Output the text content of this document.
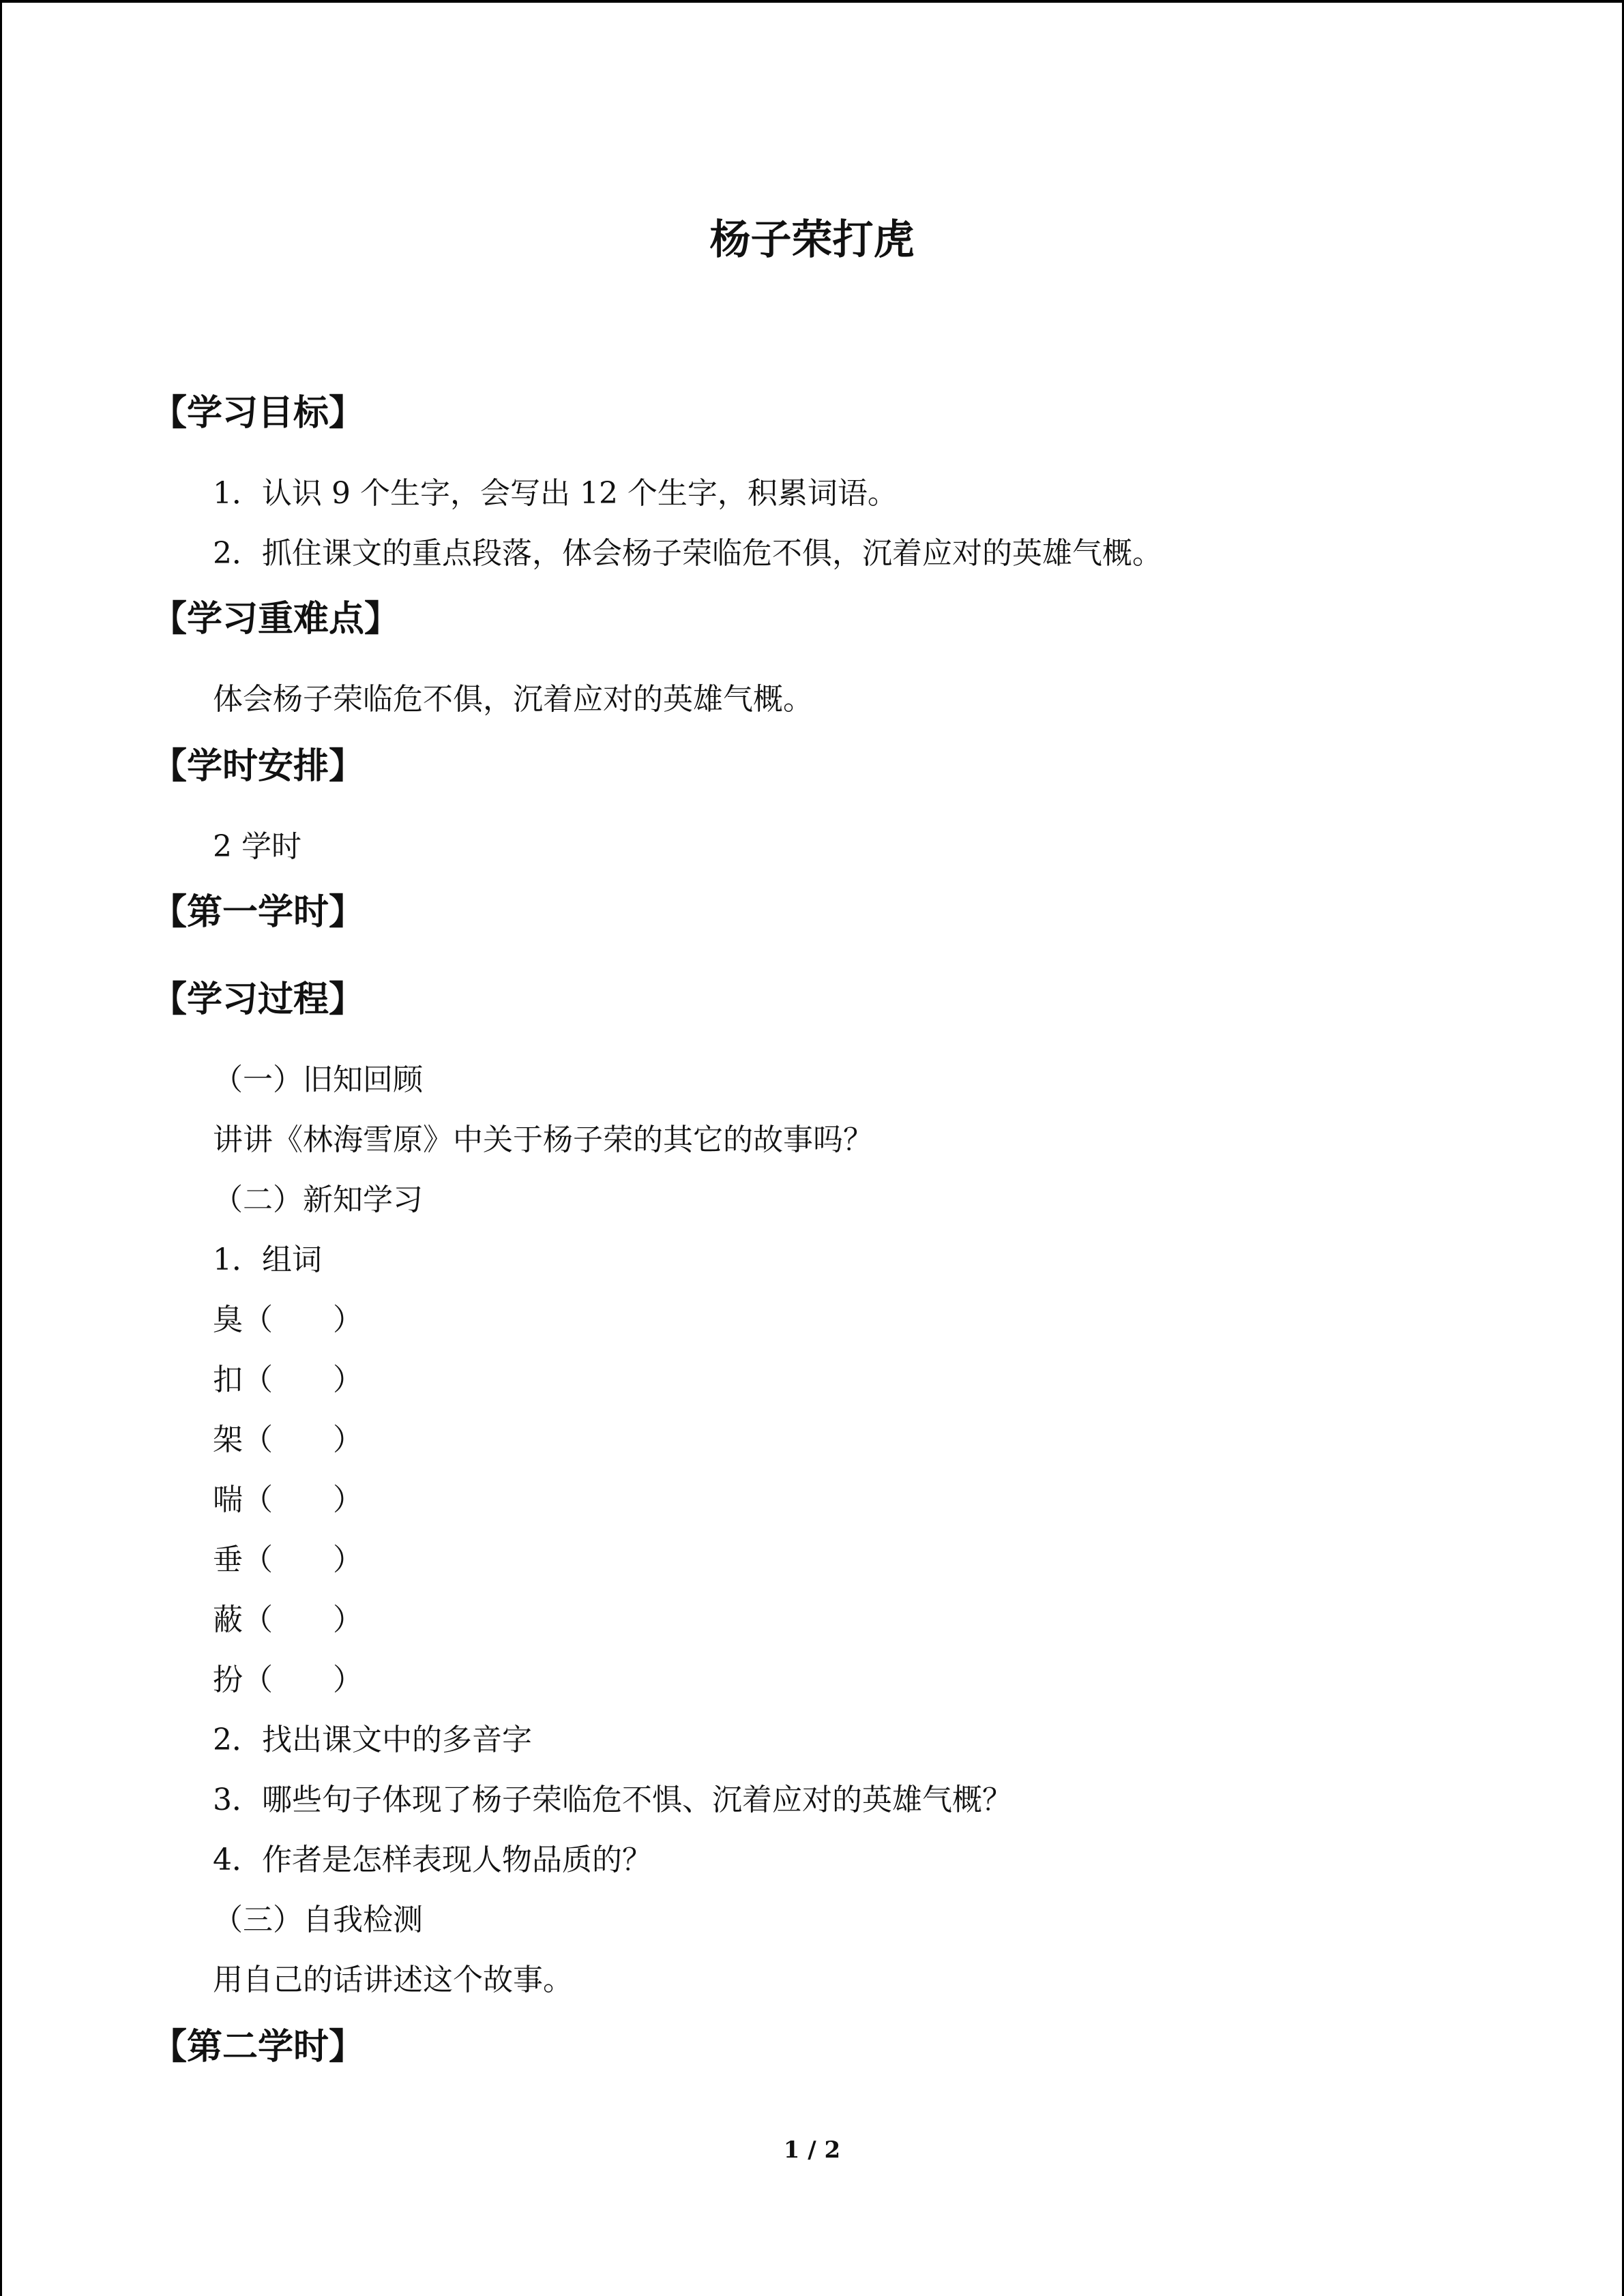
杨子荣打虎
【学习目标】
1．认识 9 个生字，会写出 12 个生字，积累词语。
2．抓住课文的重点段落，体会杨子荣临危不俱，沉着应对的英雄气概。
【学习重难点】
体会杨子荣临危不俱，沉着应对的英雄气概。
【学时安排】
2 学时
【第一学时】
【学习过程】
（一）旧知回顾
讲讲《林海雪原》中关于杨子荣的其它的故事吗？
（二）新知学习
1．组词
臭（　　）
扣（　　）
架（　　）
喘（　　）
垂（　　）
蔽（　　）
扮（　　）
2．找出课文中的多音字
3．哪些句子体现了杨子荣临危不惧、沉着应对的英雄气概？
4．作者是怎样表现人物品质的？
（三）自我检测
用自己的话讲述这个故事。
【第二学时】
1 / 2
